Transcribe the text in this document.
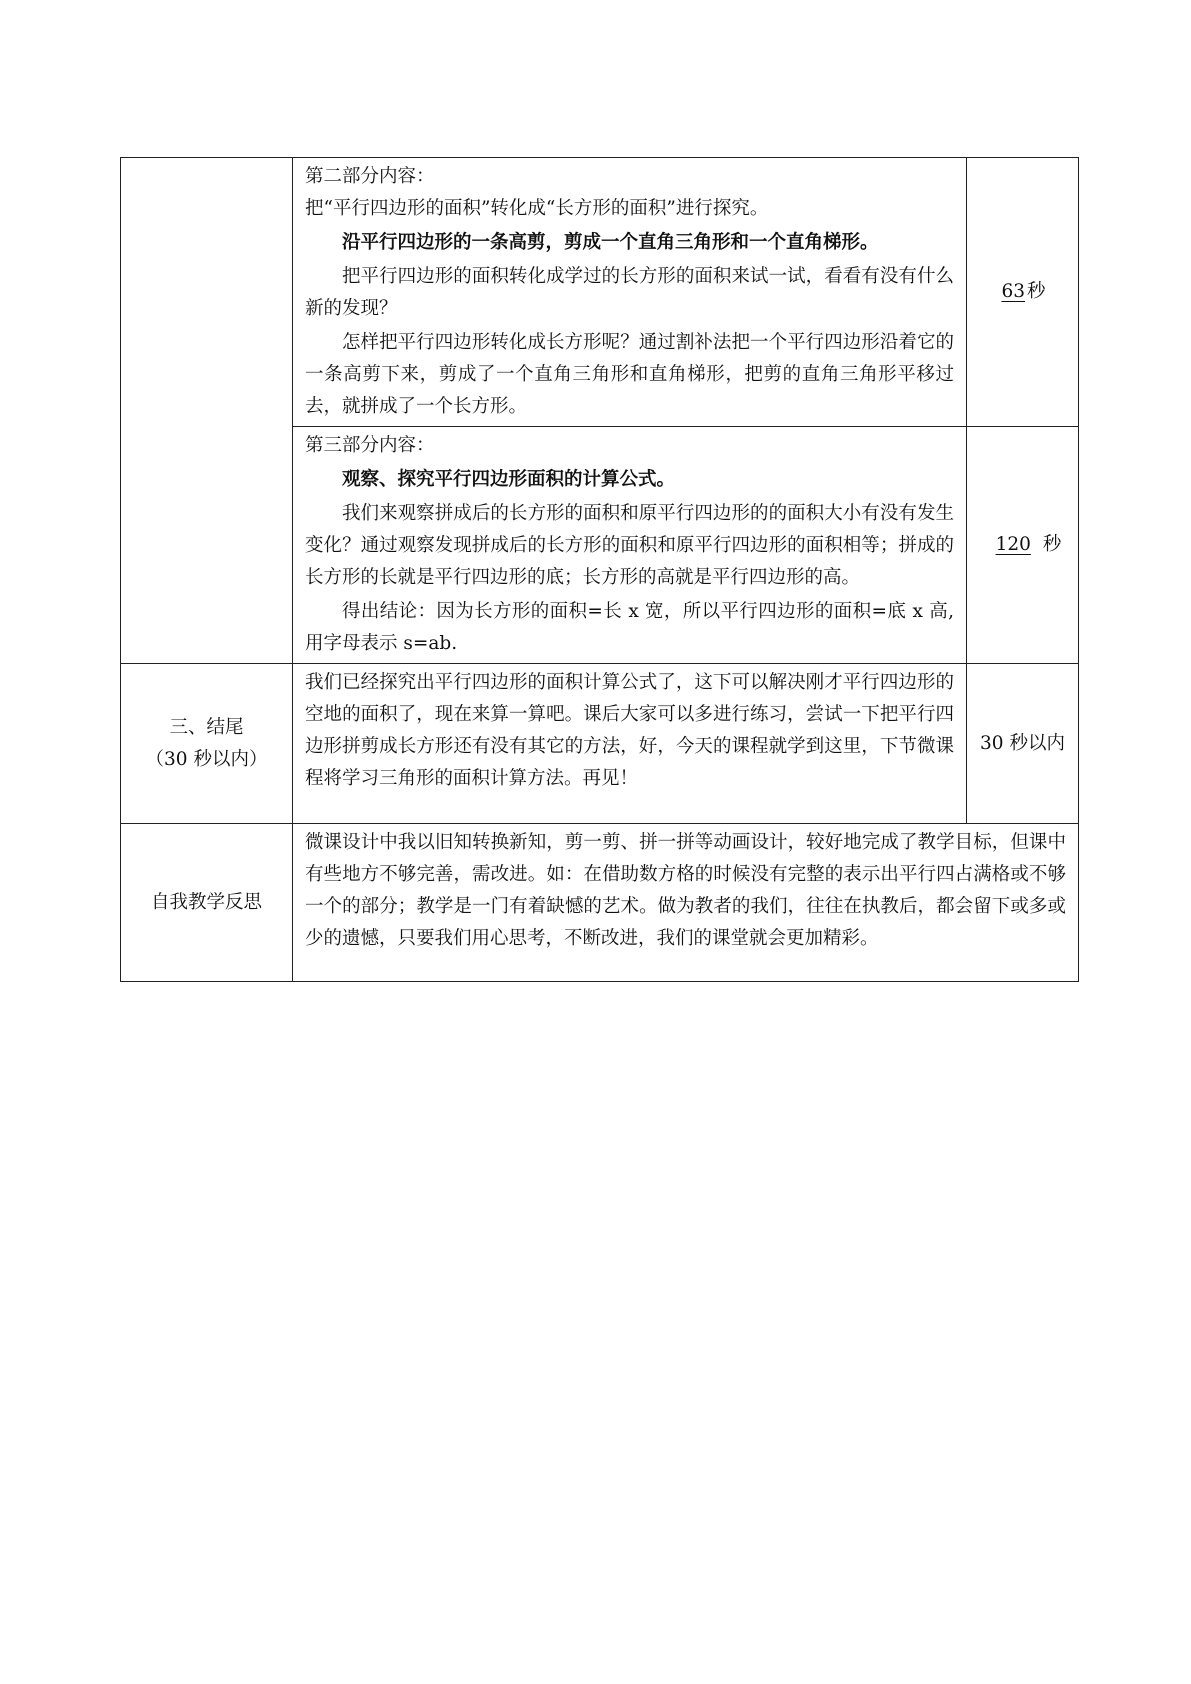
	第二部分内容：

把“平行四边形的面积”转化成“长方形的面积”进行探究。

沿平行四边形的一条高剪，剪成一个直角三角形和一个直角梯形。

把平行四边形的面积转化成学过的长方形的面积来试一试，看看有没有什么新的发现？

怎样把平行四边形转化成长方形呢？通过割补法把一个平行四边形沿着它的一条高剪下来，剪成了一个直角三角形和直角梯形，把剪的直角三角形平移过去，就拼成了一个长方形。	63 秒

	第三部分内容：

观察、探究平行四边形面积的计算公式。

我们来观察拼成后的长方形的面积和原平行四边形的的面积大小有没有发生变化？通过观察发现拼成后的长方形的面积和原平行四边形的面积相等；拼成的长方形的长就是平行四边形的底；长方形的高就是平行四边形的高。

得出结论：因为长方形的面积=长 x 宽，所以平行四边形的面积=底 x 高,用字母表示 s=ab.	120 秒

三、结尾
（30 秒以内）	我们已经探究出平行四边形的面积计算公式了，这下可以解决刚才平行四边形的空地的面积了，现在来算一算吧。课后大家可以多进行练习，尝试一下把平行四边形拼剪成长方形还有没有其它的方法，好，今天的课程就学到这里，下节微课程将学习三角形的面积计算方法。再见！	30 秒以内
自我教学反思	微课设计中我以旧知转换新知，剪一剪、拼一拼等动画设计，较好地完成了教学目标，但课中有些地方不够完善，需改进。如：在借助数方格的时候没有完整的表示出平行四占满格或不够一个的部分；教学是一门有着缺憾的艺术。做为教者的我们，往往在执教后，都会留下或多或少的遗憾，只要我们用心思考，不断改进，我们的课堂就会更加精彩。	
